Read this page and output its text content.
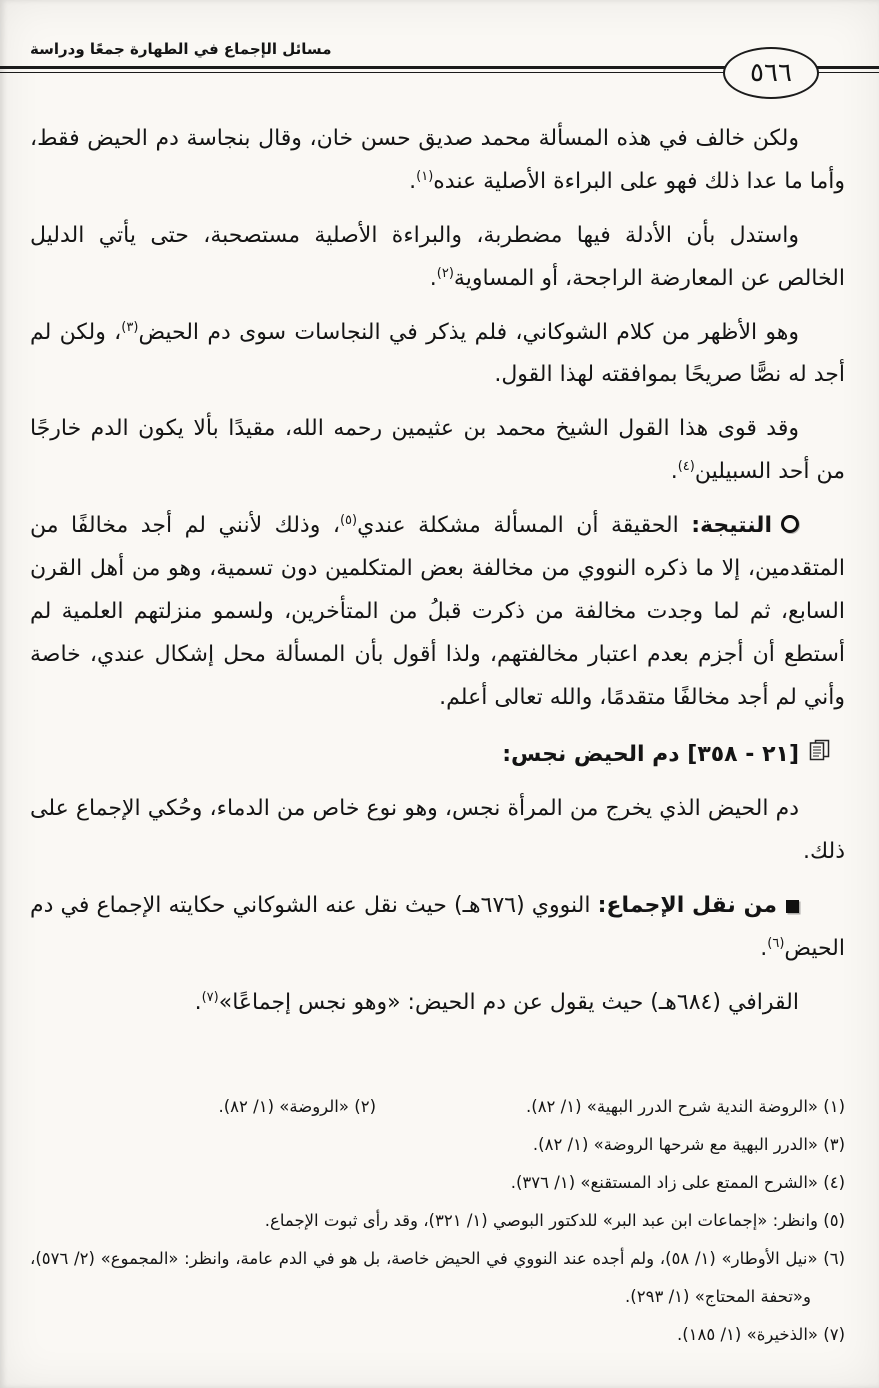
مسائل الإجماع في الطهارة جمعًا ودراسة
٥٦٦

ولكن خالف في هذه المسألة محمد صديق حسن خان، وقال بنجاسة دم الحيض فقط، وأما ما عدا ذلك فهو على البراءة الأصلية عنده$^{(١)}$.

واستدل بأن الأدلة فيها مضطربة، والبراءة الأصلية مستصحبة، حتى يأتي الدليل الخالص عن المعارضة الراجحة، أو المساوية$^{(٢)}$.

وهو الأظهر من كلام الشوكاني، فلم يذكر في النجاسات سوى دم الحيض$^{(٣)}$، ولكن لم أجد له نصًّا صريحًا بموافقته لهذا القول.

وقد قوى هذا القول الشيخ محمد بن عثيمين رحمه الله، مقيدًا بألا يكون الدم خارجًا من أحد السبيلين$^{(٤)}$.

النتيجة: الحقيقة أن المسألة مشكلة عندي$^{(٥)}$، وذلك لأنني لم أجد مخالفًا من المتقدمين، إلا ما ذكره النووي من مخالفة بعض المتكلمين دون تسمية، وهو من أهل القرن السابع، ثم لما وجدت مخالفة من ذكرت قبلُ من المتأخرين، ولسمو منزلتهم العلمية لم أستطع أن أجزم بعدم اعتبار مخالفتهم، ولذا أقول بأن المسألة محل إشكال عندي، خاصة وأني لم أجد مخالفًا متقدمًا، والله تعالى أعلم.

[٢١ - ٣٥٨] دم الحيض نجس:

دم الحيض الذي يخرج من المرأة نجس، وهو نوع خاص من الدماء، وحُكي الإجماع على ذلك.

من نقل الإجماع: النووي (٦٧٦هـ) حيث نقل عنه الشوكاني حكايته الإجماع في دم الحيض$^{(٦)}$.

القرافي (٦٨٤هـ) حيث يقول عن دم الحيض: «وهو نجس إجماعًا»$^{(٧)}$.

(١) «الروضة الندية شرح الدرر البهية» (١/ ٨٢).
(٢) «الروضة» (١/ ٨٢).
(٣) «الدرر البهية مع شرحها الروضة» (١/ ٨٢).
(٤) «الشرح الممتع على زاد المستقنع» (١/ ٣٧٦).
(٥) وانظر: «إجماعات ابن عبد البر» للدكتور البوصي (١/ ٣٢١)، وقد رأى ثبوت الإجماع.
(٦) «نيل الأوطار» (١/ ٥٨)، ولم أجده عند النووي في الحيض خاصة، بل هو في الدم عامة، وانظر: «المجموع» (٢/ ٥٧٦)، و«تحفة المحتاج» (١/ ٢٩٣).
(٧) «الذخيرة» (١/ ١٨٥).
